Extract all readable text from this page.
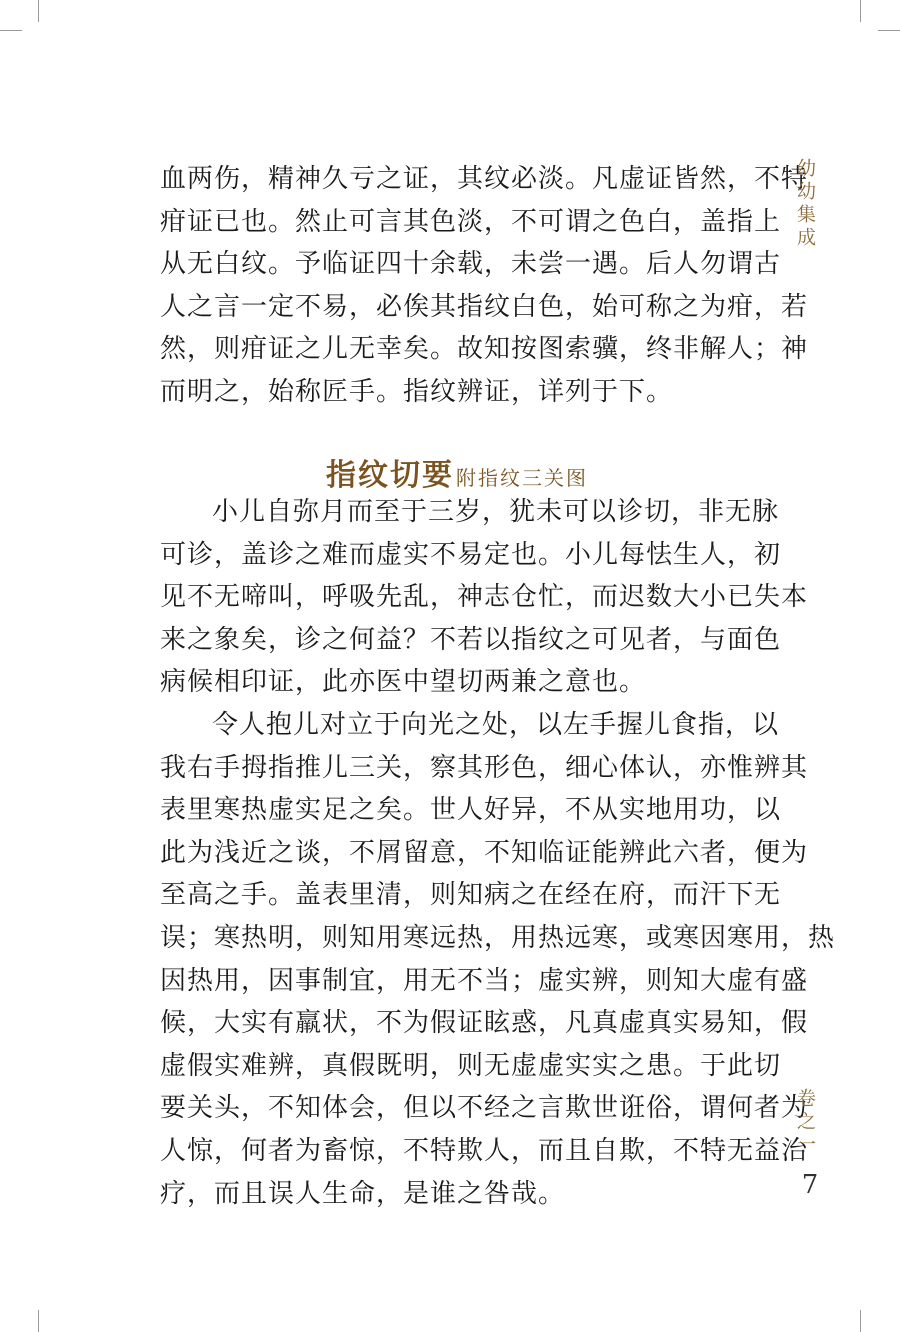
血两伤，精神久亏之证，其纹必淡。凡虚证皆然，不特
疳证已也。然止可言其色淡，不可谓之色白，盖指上
从无白纹。予临证四十余载，未尝一遇。后人勿谓古
人之言一定不易，必俟其指纹白色，始可称之为疳，若
然，则疳证之儿无幸矣。故知按图索骥，终非解人；神
而明之，始称匠手。指纹辨证，详列于下。

指纹切要 附指纹三关图

小儿自弥月而至于三岁，犹未可以诊切，非无脉
可诊，盖诊之难而虚实不易定也。小儿每怯生人，初
见不无啼叫，呼吸先乱，神志仓忙，而迟数大小已失本
来之象矣，诊之何益？不若以指纹之可见者，与面色
病候相印证，此亦医中望切两兼之意也。

令人抱儿对立于向光之处，以左手握儿食指，以
我右手拇指推儿三关，察其形色，细心体认，亦惟辨其
表里寒热虚实足之矣。世人好异，不从实地用功，以
此为浅近之谈，不屑留意，不知临证能辨此六者，便为
至高之手。盖表里清，则知病之在经在府，而汗下无
误；寒热明，则知用寒远热，用热远寒，或寒因寒用，热
因热用，因事制宜，用无不当；虚实辨，则知大虚有盛
候，大实有羸状，不为假证眩惑，凡真虚真实易知，假
虚假实难辨，真假既明，则无虚虚实实之患。于此切
要关头，不知体会，但以不经之言欺世诳俗，谓何者为
人惊，何者为畜惊，不特欺人，而且自欺，不特无益治
疗，而且误人生命，是谁之咎哉。

幼幼集成
卷之一
7
